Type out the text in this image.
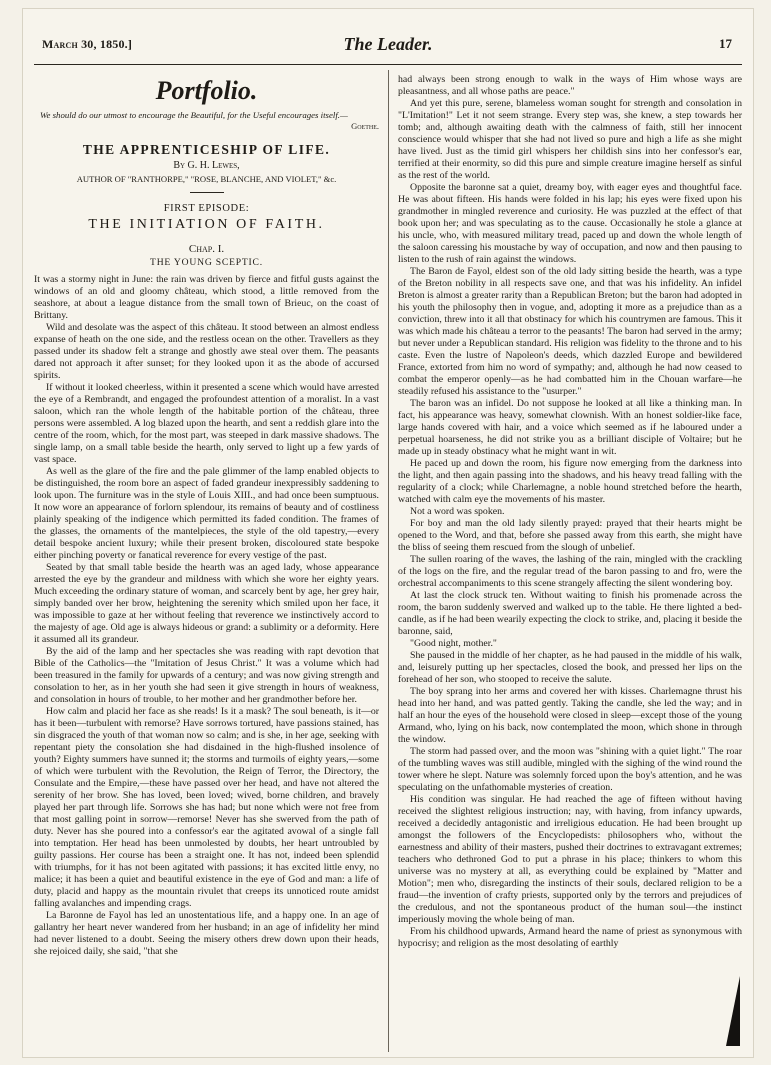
March 30, 1850.]	The Leader.	17
Portfolio.
We should do our utmost to encourage the Beautiful, for the Useful encourages itself.—
Goethe.
THE APPRENTICESHIP OF LIFE.
By G. H. Lewes,
AUTHOR OF "RANTHORPE," "ROSE, BLANCHE, AND VIOLET," &c.
FIRST EPISODE:
THE INITIATION OF FAITH.
Chap. I.
THE YOUNG SCEPTIC.

It was a stormy night in June: the rain was driven by fierce and fitful gusts against the windows of an old and gloomy château, which stood, a little removed from the seashore, at about a league distance from the small town of Brieuc, on the coast of Brittany.

Wild and desolate was the aspect of this château. It stood between an almost endless expanse of heath on the one side, and the restless ocean on the other. Travellers as they passed under its shadow felt a strange and ghostly awe steal over them. The peasants dared not approach it after sunset; for they looked upon it as the abode of accursed spirits.

If without it looked cheerless, within it presented a scene which would have arrested the eye of a Rembrandt, and engaged the profoundest attention of a moralist. In a vast saloon, which ran the whole length of the habitable portion of the château, three persons were assembled. A log blazed upon the hearth, and sent a reddish glare into the centre of the room, which, for the most part, was steeped in dark massive shadows. The single lamp, on a small table beside the hearth, only served to light up a few yards of vast space.

As well as the glare of the fire and the pale glimmer of the lamp enabled objects to be distinguished, the room bore an aspect of faded grandeur inexpressibly saddening to look upon. The furniture was in the style of Louis XIII., and had once been sumptuous. It now wore an appearance of forlorn splendour, its remains of beauty and of costliness plainly speaking of the indigence which permitted its faded condition. The frames of the glasses, the ornaments of the mantelpieces, the style of the old tapestry,—every detail bespoke ancient luxury; while their present broken, discoloured state bespoke either pinching poverty or fanatical reverence for every vestige of the past.

Seated by that small table beside the hearth was an aged lady, whose appearance arrested the eye by the grandeur and mildness with which she wore her eighty years. Much exceeding the ordinary stature of woman, and scarcely bent by age, her grey hair, simply banded over her brow, heightening the serenity which smiled upon her face, it was impossible to gaze at her without feeling that reverence we instinctively accord to the majesty of age. Old age is always hideous or grand: a sublimity or a deformity. Here it assumed all its grandeur.

By the aid of the lamp and her spectacles she was reading with rapt devotion that Bible of the Catholics—the "Imitation of Jesus Christ." It was a volume which had been treasured in the family for upwards of a century; and was now giving strength and consolation to her, as in her youth she had seen it give strength in hours of weakness, and consolation in hours of trouble, to her mother and her grandmother before her.

How calm and placid her face as she reads! Is it a mask? The soul beneath, is it—or has it been—turbulent with remorse? Have sorrows tortured, have passions stained, has sin disgraced the youth of that woman now so calm; and is she, in her age, seeking with repentant piety the consolation she had disdained in the high-flushed insolence of youth? Eighty summers have sunned it; the storms and turmoils of eighty years,—some of which were turbulent with the Revolution, the Reign of Terror, the Directory, the Consulate and the Empire,—these have passed over her head, and have not altered the serenity of her brow. She has loved, been loved; wived, borne children, and bravely played her part through life. Sorrows she has had; but none which were not free from that most galling point in sorrow—remorse! Never has she swerved from the path of duty. Never has she poured into a confessor's ear the agitated avowal of a single fall into temptation. Her head has been unmolested by doubts, her heart untroubled by guilty passions. Her course has been a straight one. It has not, indeed been splendid with triumphs, for it has not been agitated with passions; it has excited little envy, no malice; it has been a quiet and beautiful existence in the eye of God and man: a life of duty, placid and happy as the mountain rivulet that creeps its unnoticed route amidst falling avalanches and impending crags.

La Baronne de Fayol has led an unostentatious life, and a happy one. In an age of gallantry her heart never wandered from her husband; in an age of infidelity her mind had never listened to a doubt. Seeing the misery others drew down upon their heads, she rejoiced daily, she said, "that she

had always been strong enough to walk in the ways of Him whose ways are pleasantness, and all whose paths are peace."

And yet this pure, serene, blameless woman sought for strength and consolation in "L'Imitation!" Let it not seem strange. Every step was, she knew, a step towards her tomb; and, although awaiting death with the calmness of faith, still her innocent conscience would whisper that she had not lived so pure and high a life as she might have lived. Just as the timid girl whispers her childish sins into her confessor's ear, terrified at their enormity, so did this pure and simple creature imagine herself as sinful as the rest of the world.

Opposite the baronne sat a quiet, dreamy boy, with eager eyes and thoughtful face. He was about fifteen. His hands were folded in his lap; his eyes were fixed upon his grandmother in mingled reverence and curiosity. He was puzzled at the effect of that book upon her; and was speculating as to the cause. Occasionally he stole a glance at his uncle, who, with measured military tread, paced up and down the whole length of the saloon caressing his moustache by way of occupation, and now and then pausing to listen to the rush of rain against the windows.

The Baron de Fayol, eldest son of the old lady sitting beside the hearth, was a type of the Breton nobility in all respects save one, and that was his infidelity. An infidel Breton is almost a greater rarity than a Republican Breton; but the baron had adopted in his youth the philosophy then in vogue, and, adopting it more as a prejudice than as a conviction, threw into it all that obstinacy for which his countrymen are famous. This it was which made his château a terror to the peasants! The baron had served in the army; but never under a Republican standard. His religion was fidelity to the throne and to his caste. Even the lustre of Napoleon's deeds, which dazzled Europe and bewildered France, extorted from him no word of sympathy; and, although he had now ceased to combat the emperor openly—as he had combatted him in the Chouan warfare—he steadily refused his assistance to the "usurper."

The baron was an infidel. Do not suppose he looked at all like a thinking man. In fact, his appearance was heavy, somewhat clownish. With an honest soldier-like face, large hands covered with hair, and a voice which seemed as if he laboured under a perpetual hoarseness, he did not strike you as a brilliant disciple of Voltaire; but he made up in steady obstinacy what he might want in wit.

He paced up and down the room, his figure now emerging from the darkness into the light, and then again passing into the shadows, and his heavy tread falling with the regularity of a clock; while Charlemagne, a noble hound stretched before the hearth, watched with calm eye the movements of his master.

Not a word was spoken.

For boy and man the old lady silently prayed: prayed that their hearts might be opened to the Word, and that, before she passed away from this earth, she might have the bliss of seeing them rescued from the slough of unbelief.

The sullen roaring of the waves, the lashing of the rain, mingled with the crackling of the logs on the fire, and the regular tread of the baron passing to and fro, were the orchestral accompaniments to this scene strangely affecting the silent wondering boy.

At last the clock struck ten. Without waiting to finish his promenade across the room, the baron suddenly swerved and walked up to the table. He there lighted a bed-candle, as if he had been wearily expecting the clock to strike, and, placing it beside the baronne, said,

"Good night, mother."

She paused in the middle of her chapter, as he had paused in the middle of his walk, and, leisurely putting up her spectacles, closed the book, and pressed her lips on the forehead of her son, who stooped to receive the salute.

The boy sprang into her arms and covered her with kisses. Charlemagne thrust his head into her hand, and was patted gently. Taking the candle, she led the way; and in half an hour the eyes of the household were closed in sleep—except those of the young Armand, who, lying on his back, now contemplated the moon, which shone in through the window.

The storm had passed over, and the moon was "shining with a quiet light." The roar of the tumbling waves was still audible, mingled with the sighing of the wind round the tower where he slept. Nature was solemnly forced upon the boy's attention, and he was speculating on the unfathomable mysteries of creation.

His condition was singular. He had reached the age of fifteen without having received the slightest religious instruction; nay, with having, from infancy upwards, received a decidedly antagonistic and irreligious education. He had been brought up amongst the followers of the Encyclopedists: philosophers who, without the earnestness and ability of their masters, pushed their doctrines to extravagant extremes; teachers who dethroned God to put a phrase in his place; thinkers to whom this universe was no mystery at all, as everything could be explained by "Matter and Motion"; men who, disregarding the instincts of their souls, declared religion to be a fraud—the invention of crafty priests, supported only by the terrors and prejudices of the credulous, and not the spontaneous product of the human soul—the instinct imperiously moving the whole being of man.

From his childhood upwards, Armand heard the name of priest as synonymous with hypocrisy; and religion as the most desolating of earthly
